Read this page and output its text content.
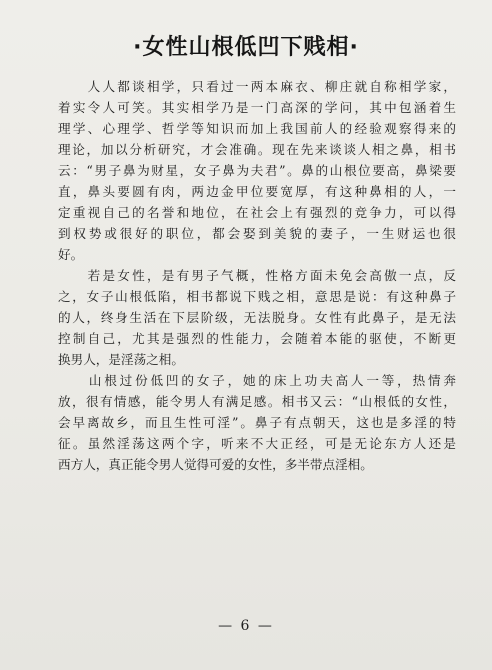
·女性山根低凹下贱相·
　　人人都谈相学，只看过一两本麻衣、柳庄就自称相学家，
着实令人可笑。其实相学乃是一门高深的学问，其中包涵着生
理学、心理学、哲学等知识而加上我国前人的经验观察得来的
理论，加以分析研究，才会准确。现在先来谈谈人相之鼻，相书
云：“男子鼻为财星，女子鼻为夫君”。鼻的山根位要高，鼻梁要
直，鼻头要圆有肉，两边金甲位要宽厚，有这种鼻相的人，一
定重视自己的名誉和地位，在社会上有强烈的竞争力，可以得
到权势或很好的职位，都会娶到美貌的妻子，一生财运也很
好。
　　若是女性，是有男子气概，性格方面未免会高傲一点，反
之，女子山根低陷，相书都说下贱之相，意思是说：有这种鼻子
的人，终身生活在下层阶级，无法脱身。女性有此鼻子，是无法
控制自己，尤其是强烈的性能力，会随着本能的驱使，不断更
换男人，是淫荡之相。
　　山根过份低凹的女子，她的床上功夫高人一等，热情奔
放，很有情感，能令男人有满足感。相书又云：“山根低的女性，
会早离故乡，而且生性可淫”。鼻子有点朝天，这也是多淫的特
征。虽然淫荡这两个字，听来不大正经，可是无论东方人还是
西方人，真正能令男人觉得可爱的女性，多半带点淫相。
— 6 —
